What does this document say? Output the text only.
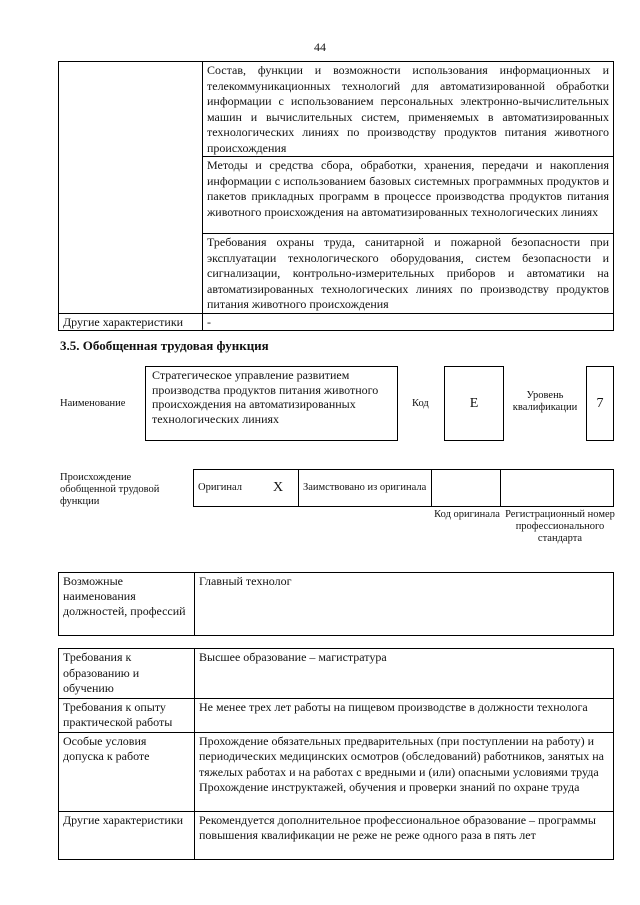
44
	Состав, функции и возможности использования информационных и телекоммуникационных технологий для автоматизированной обработки информации с использованием персональных электронно-вычислительных машин и вычислительных систем, применяемых в автоматизированных технологических линиях по производству продуктов питания животного происхождения
	Методы и средства сбора, обработки, хранения, передачи и накопления информации с использованием базовых системных программных продуктов и пакетов прикладных программ в процессе производства продуктов питания животного происхождения на автоматизированных технологических линиях
	Требования охраны труда, санитарной и пожарной безопасности при эксплуатации технологического оборудования, систем безопасности и сигнализации, контрольно-измерительных приборов и автоматики на автоматизированных технологических линиях по производству продуктов питания животного происхождения
Другие характеристики	-
3.5. Обобщенная трудовая функция
Наименование
Стратегическое управление развитием производства продуктов питания животного происхождения на автоматизированных технологических линиях
Код	E
Уровень квалификации	7
Происхождение обобщенной трудовой функции
Оригинал	X	Заимствовано из оригинала		
Код оригинала Регистрационный номер профессионального стандарта
Возможные наименования должностей, профессий	Главный технолог
Требования к образованию и обучению	Высшее образование – магистратура
Требования к опыту практической работы	Не менее трех лет работы на пищевом производстве в должности технолога
Особые условия допуска к работе	Прохождение обязательных предварительных (при поступлении на работу) и периодических медицинских осмотров (обследований) работников, занятых на тяжелых работах и на работах с вредными и (или) опасными условиями труда
Прохождение инструктажей, обучения и проверки знаний по охране труда

Другие характеристики	Рекомендуется дополнительное профессиональное образование – программы повышения квалификации не реже не реже одного раза в пять лет
